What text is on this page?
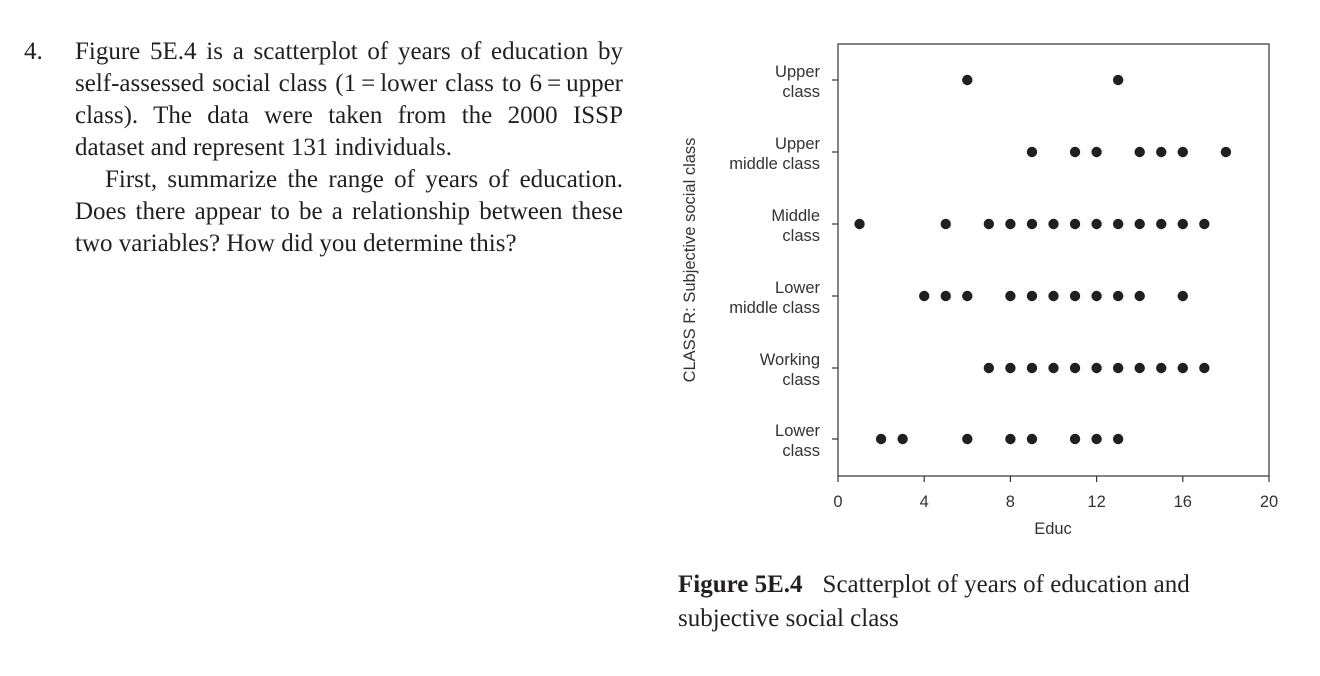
4. Figure 5E.4 is a scatterplot of years of education by self-assessed social class (1 = lower class to 6 = upper class). The data were taken from the 2000 ISSP dataset and represent 131 individuals.

First, summarize the range of years of education. Does there appear to be a relationship between these two variables? How did you determine this?

Lower class
Working class
Lower middle class
Middle class
Upper middle class
Upper class
0	4	8	12	16	20
Educ
CLASS R: Subjective social class
Figure 5E.4 Scatterplot of years of education and subjective social class
